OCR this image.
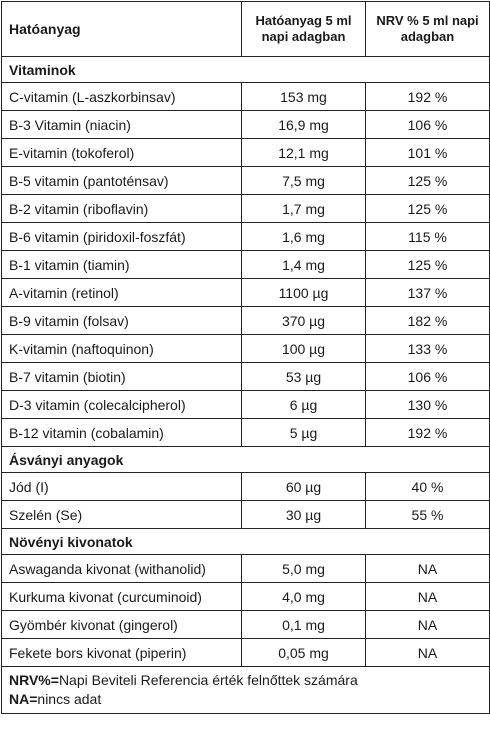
Hatóanyag	Hatóanyag 5 ml napi adagban	NRV % 5 ml napi adagban
Vitaminok		
C-vitamin (L-aszkorbinsav)	153 mg	192 %
B-3 Vitamin (niacin)	16,9 mg	106 %
E-vitamin (tokoferol)	12,1 mg	101 %
B-5 vitamin (pantoténsav)	7,5 mg	125 %
B-2 vitamin (riboflavin)	1,7 mg	125 %
B-6 vitamin (piridoxil-foszfát)	1,6 mg	115 %
B-1 vitamin (tiamin)	1,4 mg	125 %
A-vitamin (retinol)	1100 µg	137 %
B-9 vitamin (folsav)	370 µg	182 %
K-vitamin (naftoquinon)	100 µg	133 %
B-7 vitamin (biotin)	53 µg	106 %
D-3 vitamin (colecalcipherol)	6 µg	130 %
B-12 vitamin (cobalamin)	5 µg	192 %
Ásványi anyagok		
Jód (I)	60 µg	40 %
Szelén (Se)	30 µg	55 %
Növényi kivonatok		
Aswaganda kivonat (withanolid)	5,0 mg	NA
Kurkuma kivonat (curcuminoid)	4,0 mg	NA
Gyömbér kivonat (gingerol)	0,1 mg	NA
Fekete bors kivonat (piperin)	0,05 mg	NA

NRV%=Napi Beviteli Referencia érték felnőttek számára
NA=nincs adat		
